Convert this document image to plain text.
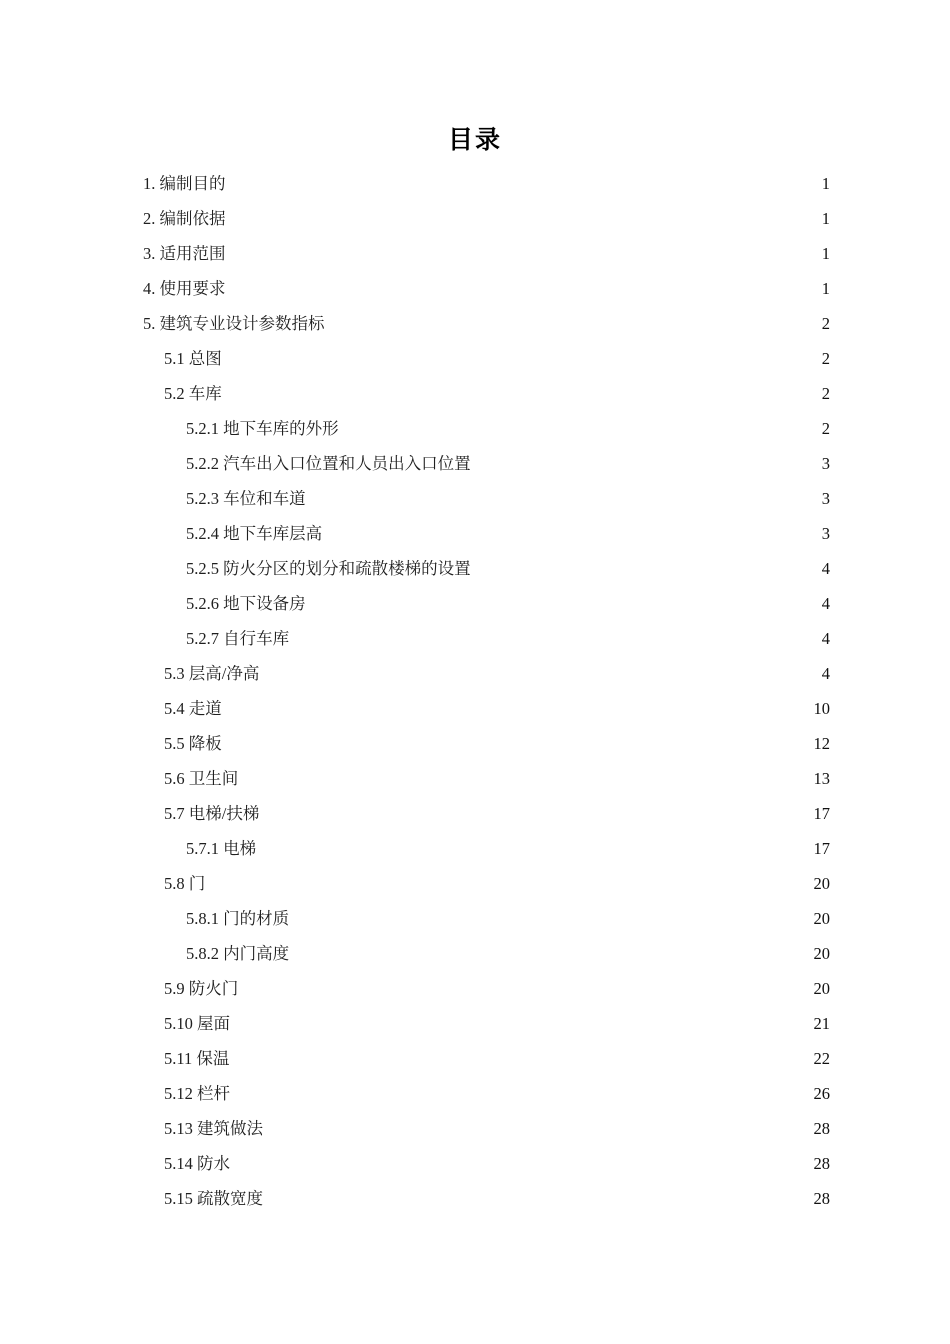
目录
1. 编制目的 .....	1
2. 编制依据 .....	1
3. 适用范围 .....	1
4. 使用要求 .....	1
5. 建筑专业设计参数指标 .....	2
5.1 总图 .....	2
5.2 车库 .....	2
5.2.1 地下车库的外形 .....	2
5.2.2 汽车出入口位置和人员出入口位置 .....	3
5.2.3 车位和车道 .....	3
5.2.4 地下车库层高 .....	3
5.2.5 防火分区的划分和疏散楼梯的设置 .....	4
5.2.6 地下设备房 .....	4
5.2.7 自行车库 .....	4
5.3 层高/净高 .....	4
5.4 走道 .....	10
5.5 降板 .....	12
5.6 卫生间 .....	13
5.7 电梯/扶梯 .....	17
5.7.1 电梯 .....	17
5.8 门 .....	20
5.8.1 门的材质 .....	20
5.8.2 内门高度 .....	20
5.9 防火门 .....	20
5.10 屋面 .....	21
5.11 保温 .....	22
5.12 栏杆 .....	26
5.13 建筑做法 .....	28
5.14 防水 .....	28
5.15 疏散宽度 .....	28
